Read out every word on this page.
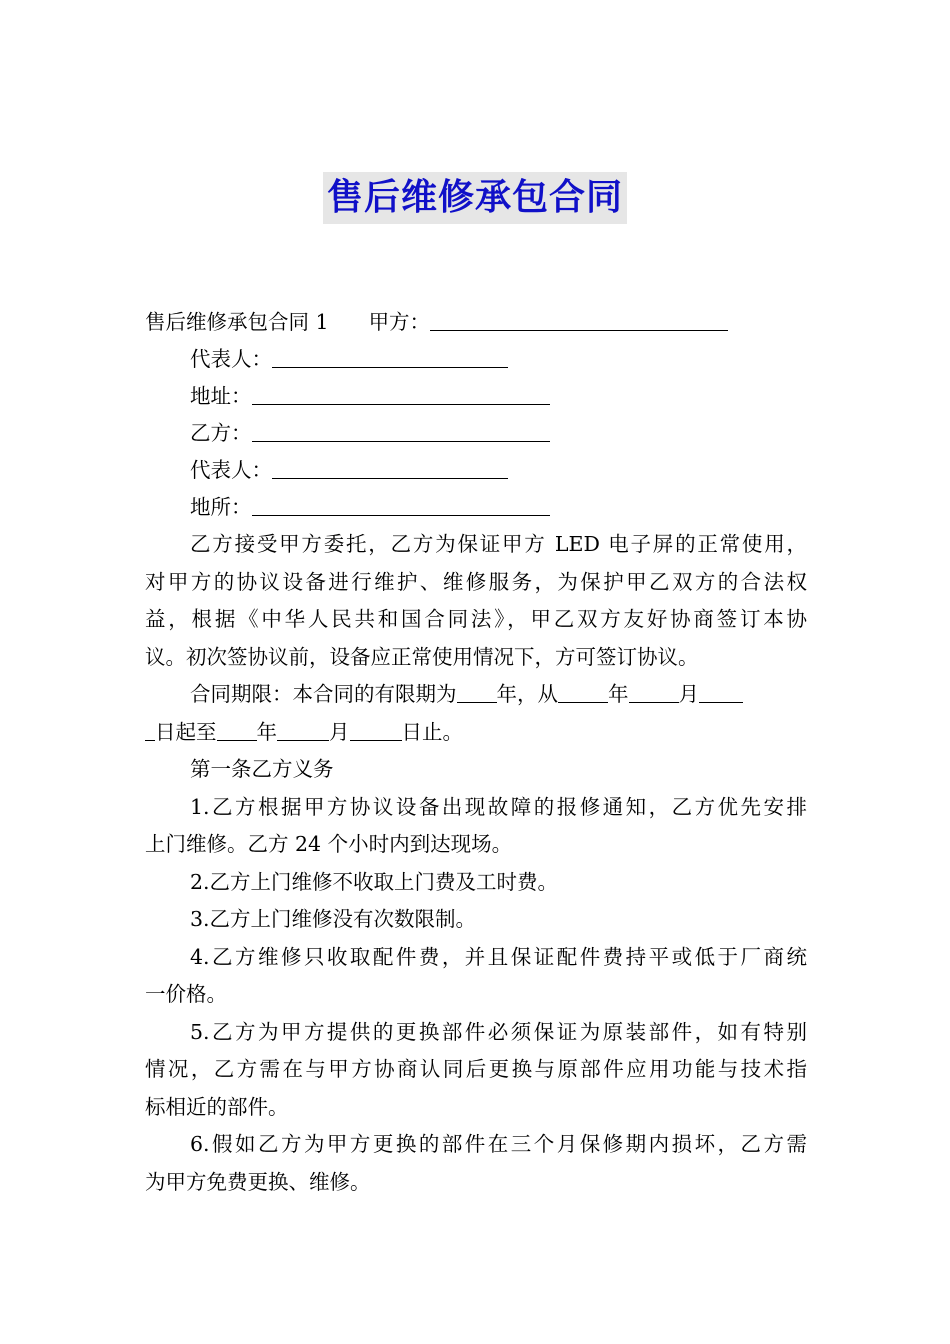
售后维修承包合同
售后维修承包合同 1 甲方：
代表人：
地址：
乙方：
代表人：
地所：
乙方接受甲方委托，乙方为保证甲方 LED 电子屏的正常使用，
对甲方的协议设备进行维护、维修服务，为保护甲乙双方的合法权
益，根据《中华人民共和国合同法》，甲乙双方友好协商签订本协
议。初次签协议前，设备应正常使用情况下，方可签订协议。
合同期限：本合同的有限期为 年，从 年 月
日起至 年	月	日止。
第一条乙方义务
1.乙方根据甲方协议设备出现故障的报修通知，乙方优先安排
上门维修。乙方 24 个小时内到达现场。
2.乙方上门维修不收取上门费及工时费。
3.乙方上门维修没有次数限制。
4.乙方维修只收取配件费，并且保证配件费持平或低于厂商统
一价格。
5.乙方为甲方提供的更换部件必须保证为原装部件，如有特别
情况，乙方需在与甲方协商认同后更换与原部件应用功能与技术指
标相近的部件。
6.假如乙方为甲方更换的部件在三个月保修期内损坏，乙方需
为甲方免费更换、维修。
